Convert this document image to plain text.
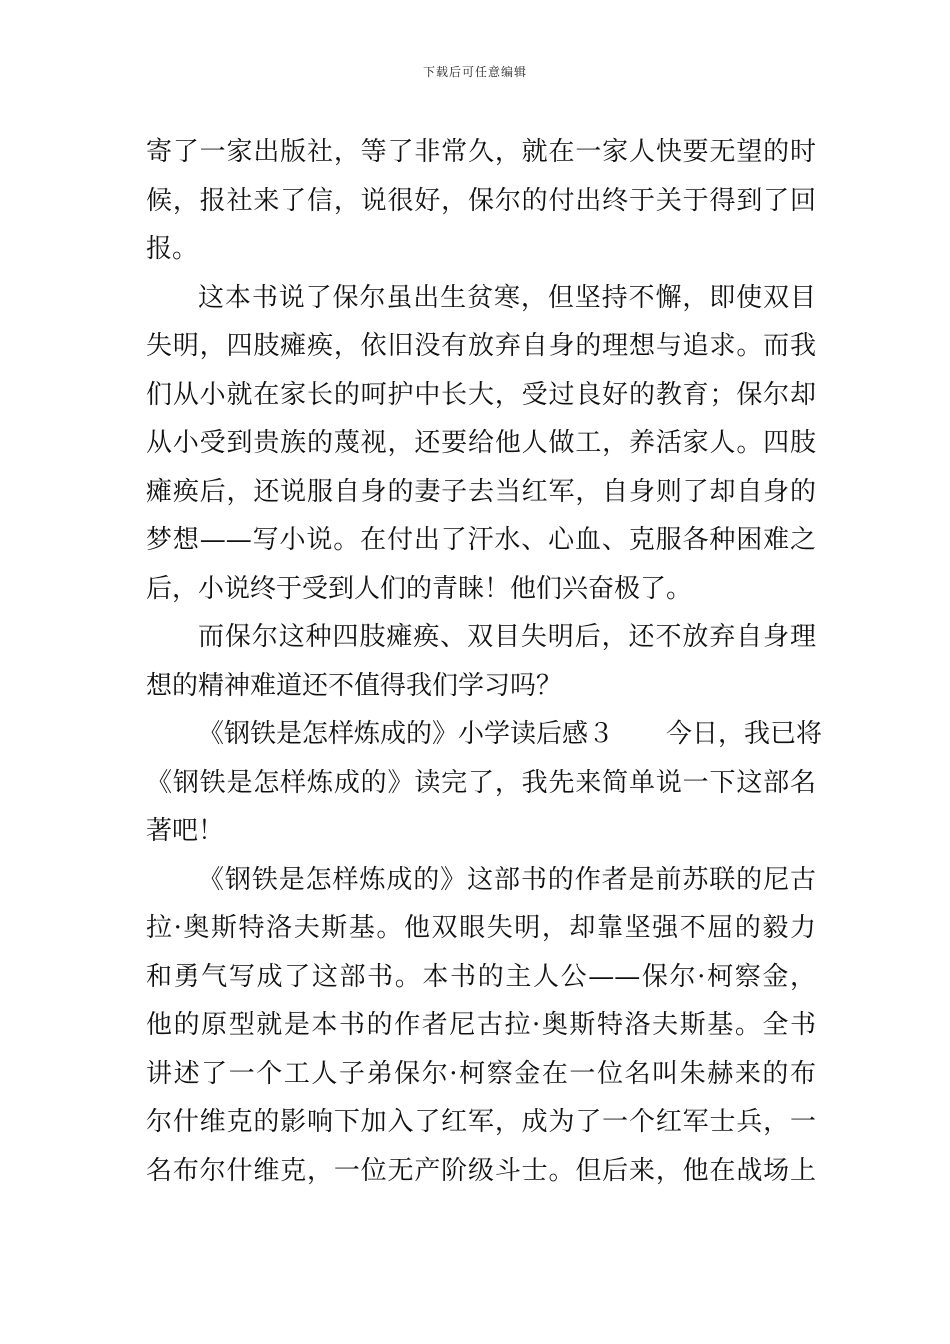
下载后可任意编辑
寄了一家出版社，等了非常久，就在一家人快要无望的时
候，报社来了信，说很好，保尔的付出终于关于得到了回
报。
这本书说了保尔虽出生贫寒，但坚持不懈，即使双目
失明，四肢瘫痪，依旧没有放弃自身的理想与追求。而我
们从小就在家长的呵护中长大，受过良好的教育；保尔却
从小受到贵族的蔑视，还要给他人做工，养活家人。四肢
瘫痪后，还说服自身的妻子去当红军，自身则了却自身的
梦想——写小说。在付出了汗水、心血、克服各种困难之
后，小说终于受到人们的青睐！他们兴奋极了。
而保尔这种四肢瘫痪、双目失明后，还不放弃自身理
想的精神难道还不值得我们学习吗？
《钢铁是怎样炼成的》小学读后感３ 今日，我已将
《钢铁是怎样炼成的》读完了，我先来简单说一下这部名
著吧！
《钢铁是怎样炼成的》这部书的作者是前苏联的尼古
拉·奥斯特洛夫斯基。他双眼失明，却靠坚强不屈的毅力
和勇气写成了这部书。本书的主人公——保尔·柯察金，
他的原型就是本书的作者尼古拉·奥斯特洛夫斯基。全书
讲述了一个工人子弟保尔·柯察金在一位名叫朱赫来的布
尔什维克的影响下加入了红军，成为了一个红军士兵，一
名布尔什维克，一位无产阶级斗士。但后来，他在战场上
